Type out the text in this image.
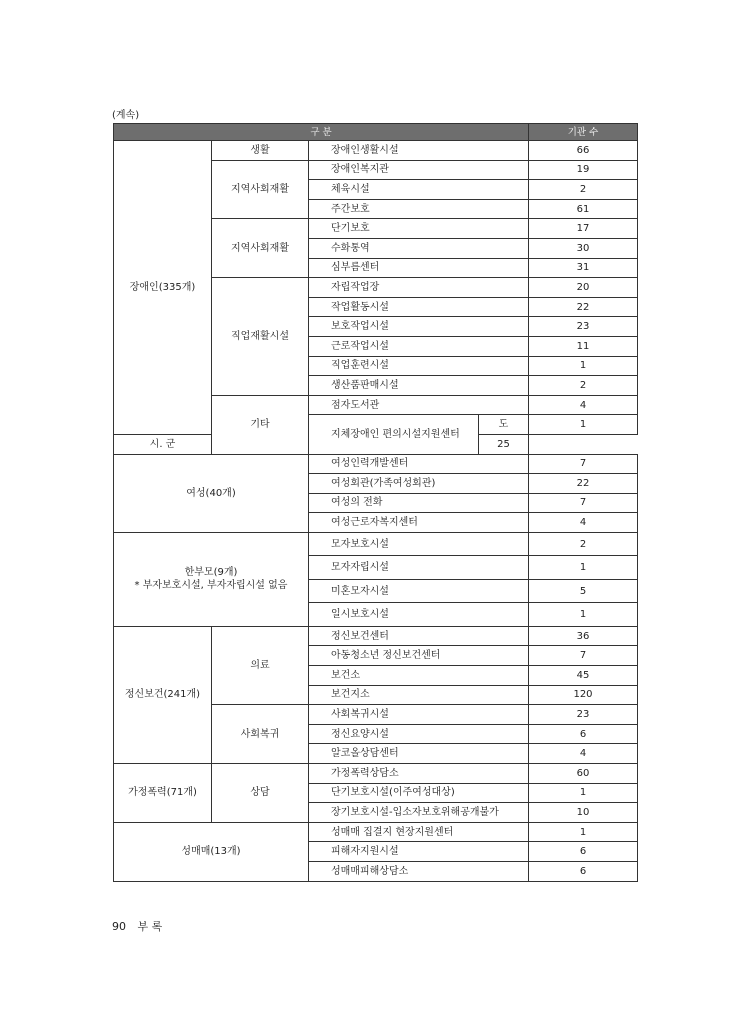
(계속)
구 분				기관 수
장애인(335개)	생활	장애인생활시설		66
	지역사회재활	장애인복지관		19
		체육시설		2
		주간보호		61
	지역사회재활	단기보호		17
		수화통역		30
		심부름센터		31
	직업재활시설	자립작업장		20
		작업활동시설		22
		보호작업시설		23
		근로작업시설		11
		직업훈련시설		1
		생산품판매시설		2
	기타	점자도서관		4
		지체장애인 편의시설지원센터	도	1
시. 군			25	
여성(40개)		여성인력개발센터		7
		여성회관(가족여성회관)		22
		여성의 전화		7
		여성근로자복지센터		4

한부모(9개)
* 부자보호시설, 부자자립시설 없음		모자보호시설		2
		모자자립시설		1
		미혼모자시설		5
		일시보호시설		1
정신보건(241개)	의료	정신보건센터		36
		아동청소년 정신보건센터		7
		보건소		45
		보건지소		120
	사회복귀	사회복귀시설		23
		정신요양시설		6
		알코올상담센터		4
가정폭력(71개)	상담	가정폭력상담소		60
		단기보호시설(이주여성대상)		1
		장기보호시설-입소자보호위해공개불가		10
성매매(13개)		성매매 집결지 현장지원센터		1
		피해자지원시설		6
		성매매피해상담소		6
90 부 록
